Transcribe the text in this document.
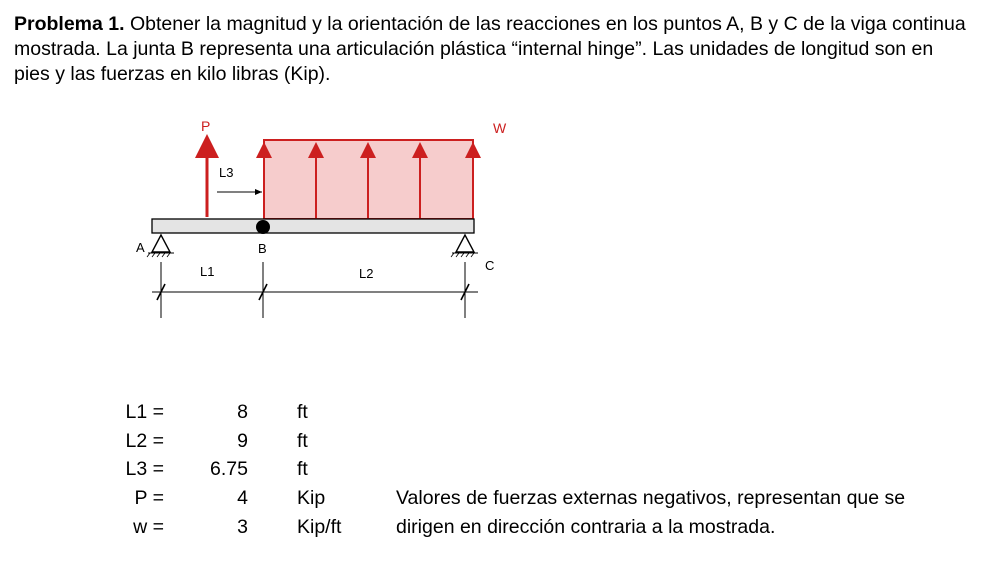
Problema 1. Obtener la magnitud y la orientación de las reacciones en los puntos A, B y C de la viga continua mostrada. La junta B representa una articulación plástica “internal hinge”. Las unidades de longitud son en pies y las fuerzas en kilo libras (Kip).
W
P
L3
B
A
C
L1	L2
L1 =	8	ft
L2 =	9	ft
L3 =	6.75	ft
P =	4	Kip
w =	3	Kip/ft
Valores de fuerzas externas negativos, representan que se
dirigen en dirección contraria a la mostrada.
